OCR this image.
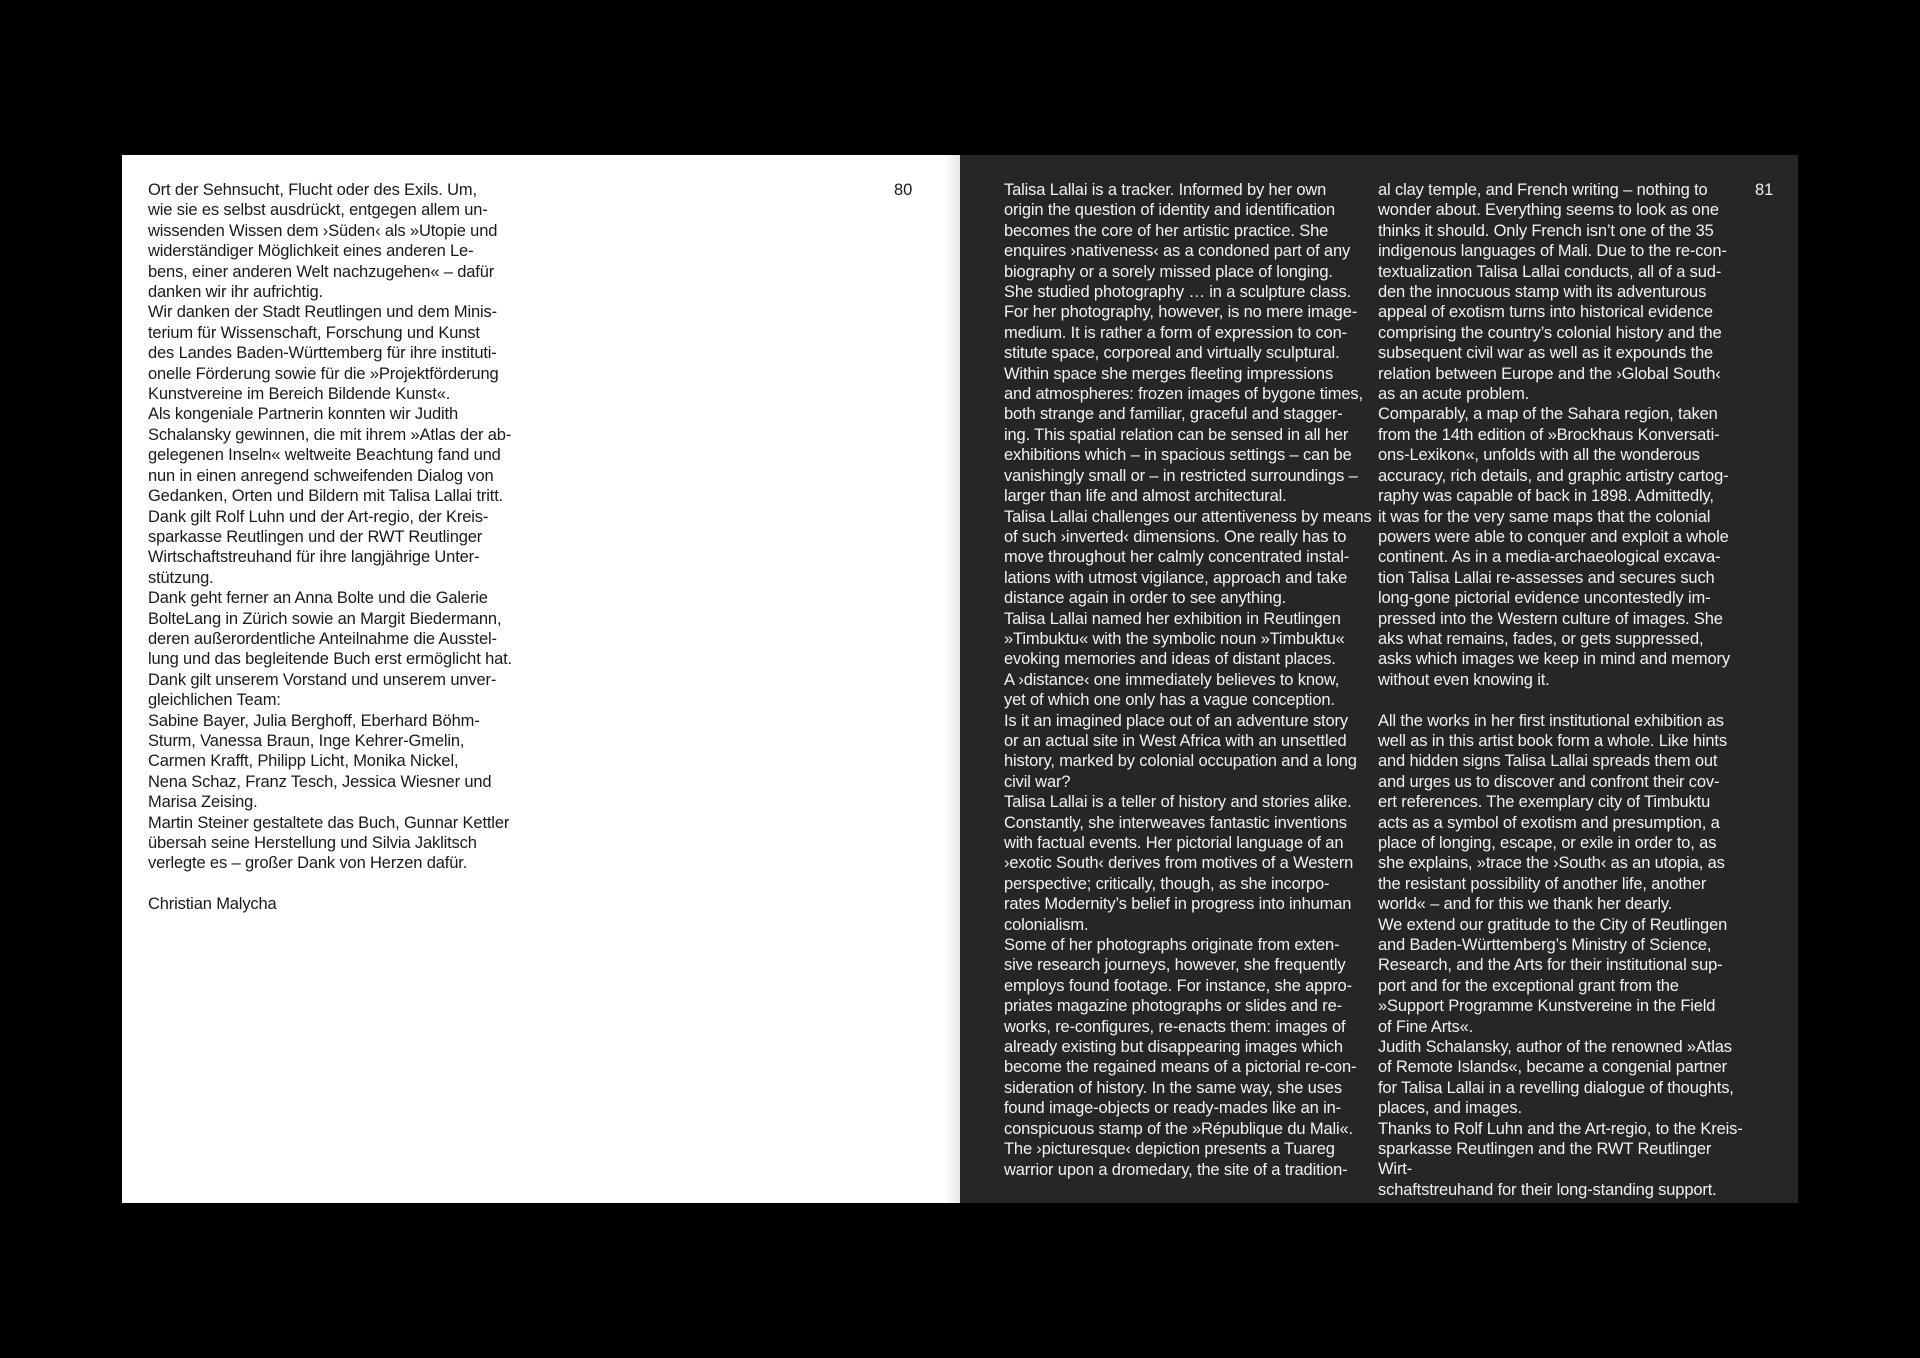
Ort der Sehnsucht, Flucht oder des Exils. Um,
wie sie es selbst ausdrückt, entgegen allem un-
wissenden Wissen dem ›Süden‹ als »Utopie und
widerständiger Möglichkeit eines anderen Le-
bens, einer anderen Welt nachzugehen« – dafür
danken wir ihr aufrichtig.

Wir danken der Stadt Reutlingen und dem Minis-
terium für Wissenschaft, Forschung und Kunst
des Landes Baden-Württemberg für ihre instituti-
onelle Förderung sowie für die »Projektförderung
Kunstvereine im Bereich Bildende Kunst«.

Als kongeniale Partnerin konnten wir Judith
Schalansky gewinnen, die mit ihrem »Atlas der ab-
gelegenen Inseln« weltweite Beachtung fand und
nun in einen anregend schweifenden Dialog von
Gedanken, Orten und Bildern mit Talisa Lallai tritt.

Dank gilt Rolf Luhn und der Art-regio, der Kreis-
sparkasse Reutlingen und der RWT Reutlinger
Wirtschaftstreuhand für ihre langjährige Unter-
stützung.

Dank geht ferner an Anna Bolte und die Galerie
BolteLang in Zürich sowie an Margit Biedermann,
deren außerordentliche Anteilnahme die Ausstel-
lung und das begleitende Buch erst ermöglicht hat.

Dank gilt unserem Vorstand und unserem unver-
gleichlichen Team:
Sabine Bayer, Julia Berghoff, Eberhard Böhm-
Sturm, Vanessa Braun, Inge Kehrer-Gmelin,
Carmen Krafft, Philipp Licht, Monika Nickel,
Nena Schaz, Franz Tesch, Jessica Wiesner und
Marisa Zeising.

Martin Steiner gestaltete das Buch, Gunnar Kettler
übersah seine Herstellung und Silvia Jaklitsch
verlegte es – großer Dank von Herzen dafür.

Christian Malycha

80	Talisa Lallai is a tracker. Informed by her own
origin the question of identity and identification
becomes the core of her artistic practice. She
enquires ›nativeness‹ as a condoned part of any
biography or a sorely missed place of longing.
She studied photography … in a sculpture class.
For her photography, however, is no mere image-
medium. It is rather a form of expression to con-
stitute space, corporeal and virtually sculptural.
Within space she merges fleeting impressions
and atmospheres: frozen images of bygone times,
both strange and familiar, graceful and stagger-
ing. This spatial relation can be sensed in all her
exhibitions which – in spacious settings – can be
vanishingly small or – in restricted surroundings –
larger than life and almost architectural.

Talisa Lallai challenges our attentiveness by means
of such ›inverted‹ dimensions. One really has to
move throughout her calmly concentrated instal-
lations with utmost vigilance, approach and take
distance again in order to see anything.

Talisa Lallai named her exhibition in Reutlingen
»Timbuktu« with the symbolic noun »Timbuktu«
evoking memories and ideas of distant places.
A ›distance‹ one immediately believes to know,
yet of which one only has a vague conception.
Is it an imagined place out of an adventure story
or an actual site in West Africa with an unsettled
history, marked by colonial occupation and a long
civil war?

Talisa Lallai is a teller of history and stories alike.
Constantly, she interweaves fantastic inventions
with factual events. Her pictorial language of an
›exotic South‹ derives from motives of a Western
perspective; critically, though, as she incorpo-
rates Modernity’s belief in progress into inhuman
colonialism.

Some of her photographs originate from exten-
sive research journeys, however, she frequently
employs found footage. For instance, she appro-
priates magazine photographs or slides and re-
works, re-configures, re-enacts them: images of
already existing but disappearing images which
become the regained means of a pictorial re-con-
sideration of history. In the same way, she uses
found image-objects or ready-mades like an in-
conspicuous stamp of the »République du Mali«.
The ›picturesque‹ depiction presents a Tuareg
warrior upon a dromedary, the site of a tradition-

al clay temple, and French writing – nothing to
wonder about. Everything seems to look as one
thinks it should. Only French isn’t one of the 35
indigenous languages of Mali. Due to the re-con-
textualization Talisa Lallai conducts, all of a sud-
den the innocuous stamp with its adventurous
appeal of exotism turns into historical evidence
comprising the country’s colonial history and the
subsequent civil war as well as it expounds the
relation between Europe and the ›Global South‹
as an acute problem.

Comparably, a map of the Sahara region, taken
from the 14th edition of »Brockhaus Konversati-
ons-Lexikon«, unfolds with all the wonderous
accuracy, rich details, and graphic artistry cartog-
raphy was capable of back in 1898. Admittedly,
it was for the very same maps that the colonial
powers were able to conquer and exploit a whole
continent. As in a media-archaeological excava-
tion Talisa Lallai re-assesses and secures such
long-gone pictorial evidence uncontestedly im-
pressed into the Western culture of images. She
aks what remains, fades, or gets suppressed,
asks which images we keep in mind and memory
without even knowing it.

All the works in her first institutional exhibition as
well as in this artist book form a whole. Like hints
and hidden signs Talisa Lallai spreads them out
and urges us to discover and confront their cov-
ert references. The exemplary city of Timbuktu
acts as a symbol of exotism and presumption, a
place of longing, escape, or exile in order to, as
she explains, »trace the ›South‹ as an utopia, as
the resistant possibility of another life, another
world« – and for this we thank her dearly.

We extend our gratitude to the City of Reutlingen
and Baden-Württemberg’s Ministry of Science,
Research, and the Arts for their institutional sup-
port and for the exceptional grant from the
»Support Programme Kunstvereine in the Field
of Fine Arts«.

Judith Schalansky, author of the renowned »Atlas
of Remote Islands«, became a congenial partner
for Talisa Lallai in a revelling dialogue of thoughts,
places, and images.

Thanks to Rolf Luhn and the Art-regio, to the Kreis-
sparkasse Reutlingen and the RWT Reutlinger Wirt-
schaftstreuhand for their long-standing support.

81
